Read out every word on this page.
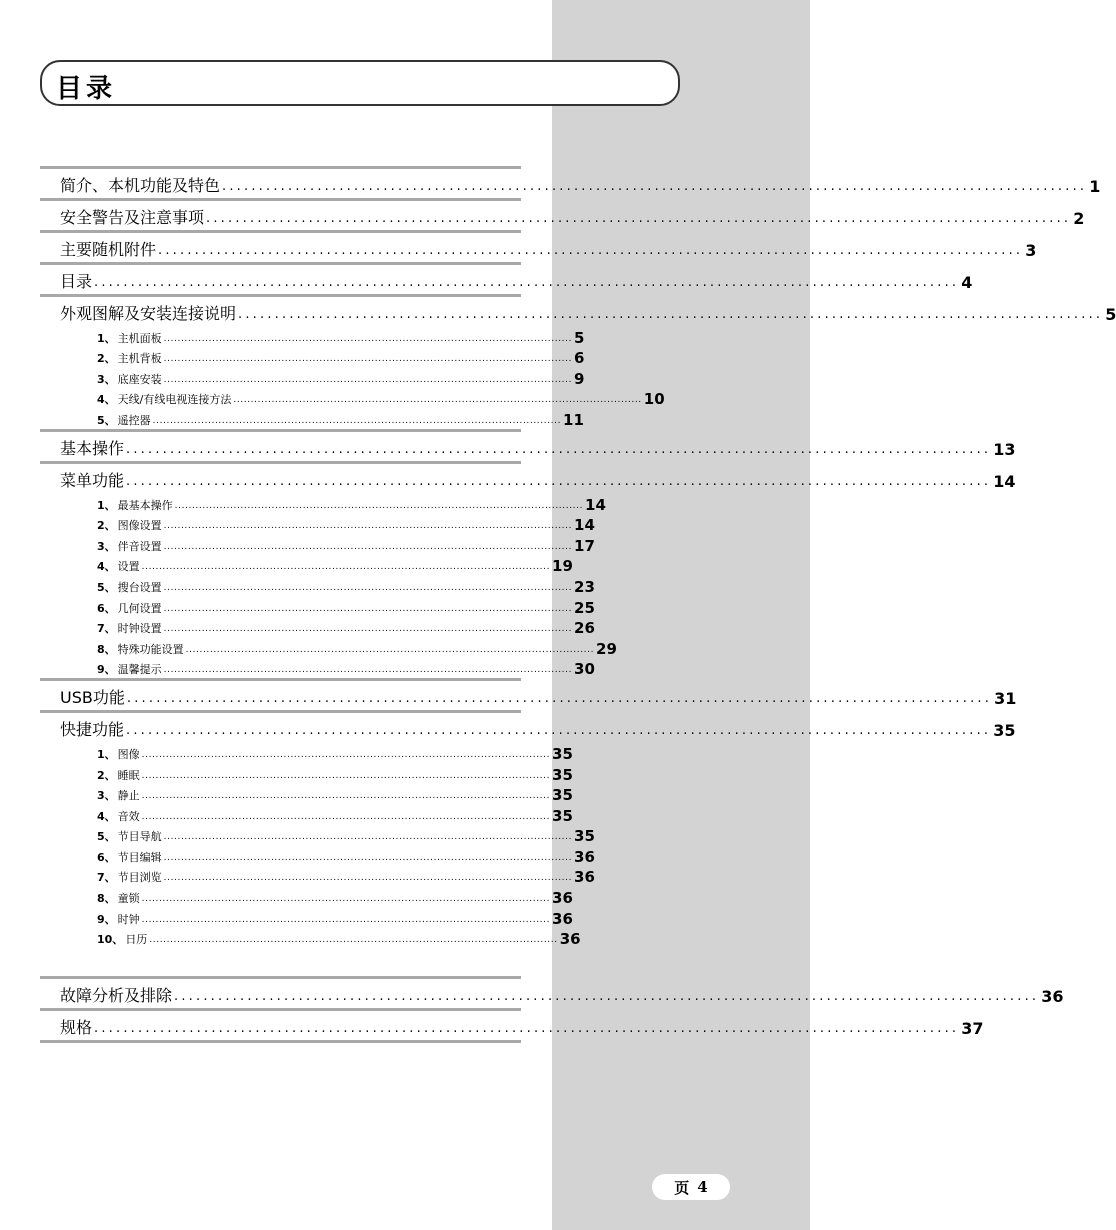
目录
简介、本机功能及特色 ...................................................................................................................... 1
安全警告及注意事项 ...................................................................................................................... 2
主要随机附件 ...................................................................................................................... 3
目录 ...................................................................................................................... 4
外观图解及安装连接说明 ...................................................................................................................... 5
1、 主机面板 ...................................................................................................................... 5
2、 主机背板 ...................................................................................................................... 6
3、 底座安装 ...................................................................................................................... 9
4、 天线/有线电视连接方法 ...................................................................................................................... 10
5、 遥控器 ...................................................................................................................... 11
基本操作 ...................................................................................................................... 13
菜单功能 ...................................................................................................................... 14
1、 最基本操作 ...................................................................................................................... 14
2、 图像设置 ...................................................................................................................... 14
3、 伴音设置 ...................................................................................................................... 17
4、 设置 ...................................................................................................................... 19
5、 搜台设置 ...................................................................................................................... 23
6、 几何设置 ...................................................................................................................... 25
7、 时钟设置 ...................................................................................................................... 26
8、 特殊功能设置 ...................................................................................................................... 29
9、 温馨提示 ...................................................................................................................... 30
USB功能 ...................................................................................................................... 31
快捷功能 ...................................................................................................................... 35
1、 图像 ...................................................................................................................... 35
2、 睡眠 ...................................................................................................................... 35
3、 静止 ...................................................................................................................... 35
4、 音效 ...................................................................................................................... 35
5、 节目导航 ...................................................................................................................... 35
6、 节目编辑 ...................................................................................................................... 36
7、 节目浏览 ...................................................................................................................... 36
8、 童锁 ...................................................................................................................... 36
9、 时钟 ...................................................................................................................... 36
10、 日历 ...................................................................................................................... 36
故障分析及排除 ...................................................................................................................... 36
规格 ...................................................................................................................... 37
页 4
